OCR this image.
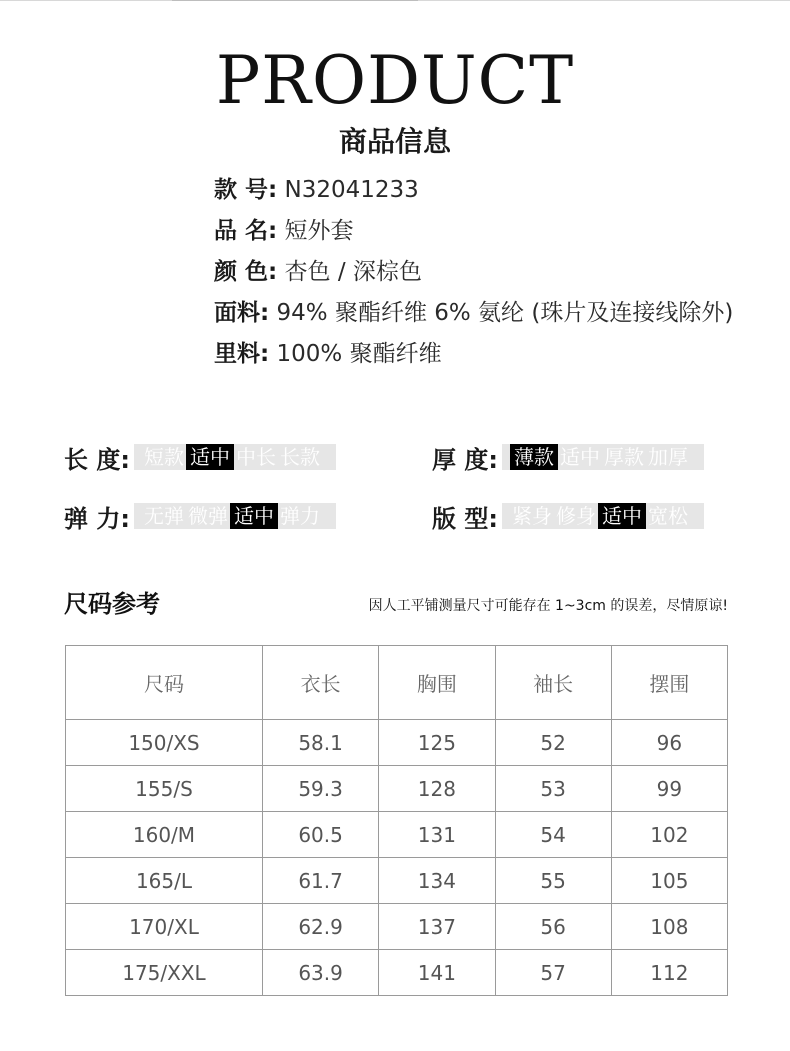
PRODUCT
商品信息
款 号: N32041233
品 名: 短外套
颜 色: 杏色 / 深棕色
面料: 94% 聚酯纤维 6% 氨纶 (珠片及连接线除外)
里料: 100% 聚酯纤维
长 度: 短款 适中 中长 长款	厚 度: 薄款 适中 厚款 加厚
弹 力: 无弹 微弹 适中 弹力	版 型: 紧身 修身 适中 宽松
尺码参考	因人工平铺测量尺寸可能存在 1~3cm 的误差，尽情原谅!
尺码	衣长	胸围	袖长	摆围
150/XS	58.1	125	52	96
155/S	59.3	128	53	99
160/M	60.5	131	54	102
165/L	61.7	134	55	105
170/XL	62.9	137	56	108
175/XXL	63.9	141	57	112
